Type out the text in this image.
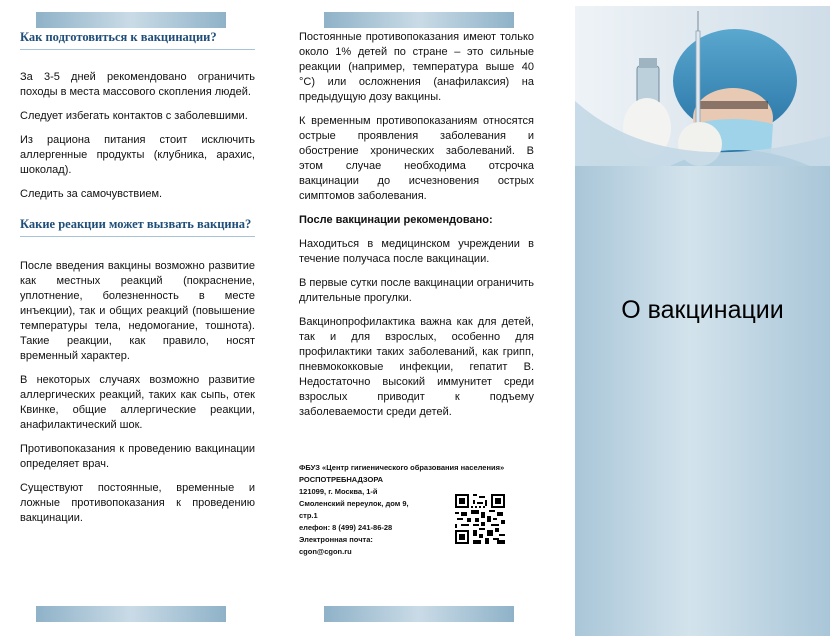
Как подготовиться к вакцинации?

За 3-5 дней рекомендовано ограничить походы в места массового скопления людей.

Следует избегать контактов с заболевшими.

Из рациона питания стоит исключить аллергенные продукты (клубника, арахис, шоколад).

Следить за самочувствием.

Какие реакции может вызвать вакцина?

После введения вакцины возможно развитие как местных реакций (покраснение, уплотнение, болезненность в месте инъекции), так и общих реакций (повышение температуры тела, недомогание, тошнота). Такие реакции, как правило, носят временный характер.

В некоторых случаях возможно развитие аллергических реакций, таких как сыпь, отек Квинке, общие аллергические реакции, анафилактический шок.

Противопоказания к проведению вакцинации определяет врач.

Существуют постоянные, временные и ложные противопоказания к проведению вакцинации.

Постоянные противопоказания имеют только около 1% детей по стране – это сильные реакции (например, температура выше 40 °С) или осложнения (анафилаксия) на предыдущую дозу вакцины.

К временным противопоказаниям относятся острые проявления заболевания и обострение хронических заболеваний. В этом случае необходима отсрочка вакцинации до исчезновения острых симптомов заболевания.

После вакцинации рекомендовано:

Находиться в медицинском учреждении в течение получаса после вакцинации.

В первые сутки после вакцинации ограничить длительные прогулки.

Вакцинопрофилактика важна как для детей, так и для взрослых, особенно для профилактики таких заболеваний, как грипп, пневмококковые инфекции, гепатит В. Недостаточно высокий иммунитет среди взрослых приводит к подъему заболеваемости среди детей.

ФБУЗ «Центр гигиенического образования населения»
РОСПОТРЕБНАДЗОРА
121099, г. Москва, 1-й
Смоленский переулок, дом 9,
стр.1
елефон: 8 (499) 241-86-28
Электронная почта:
cgon@cgon.ru
О вакцинации
